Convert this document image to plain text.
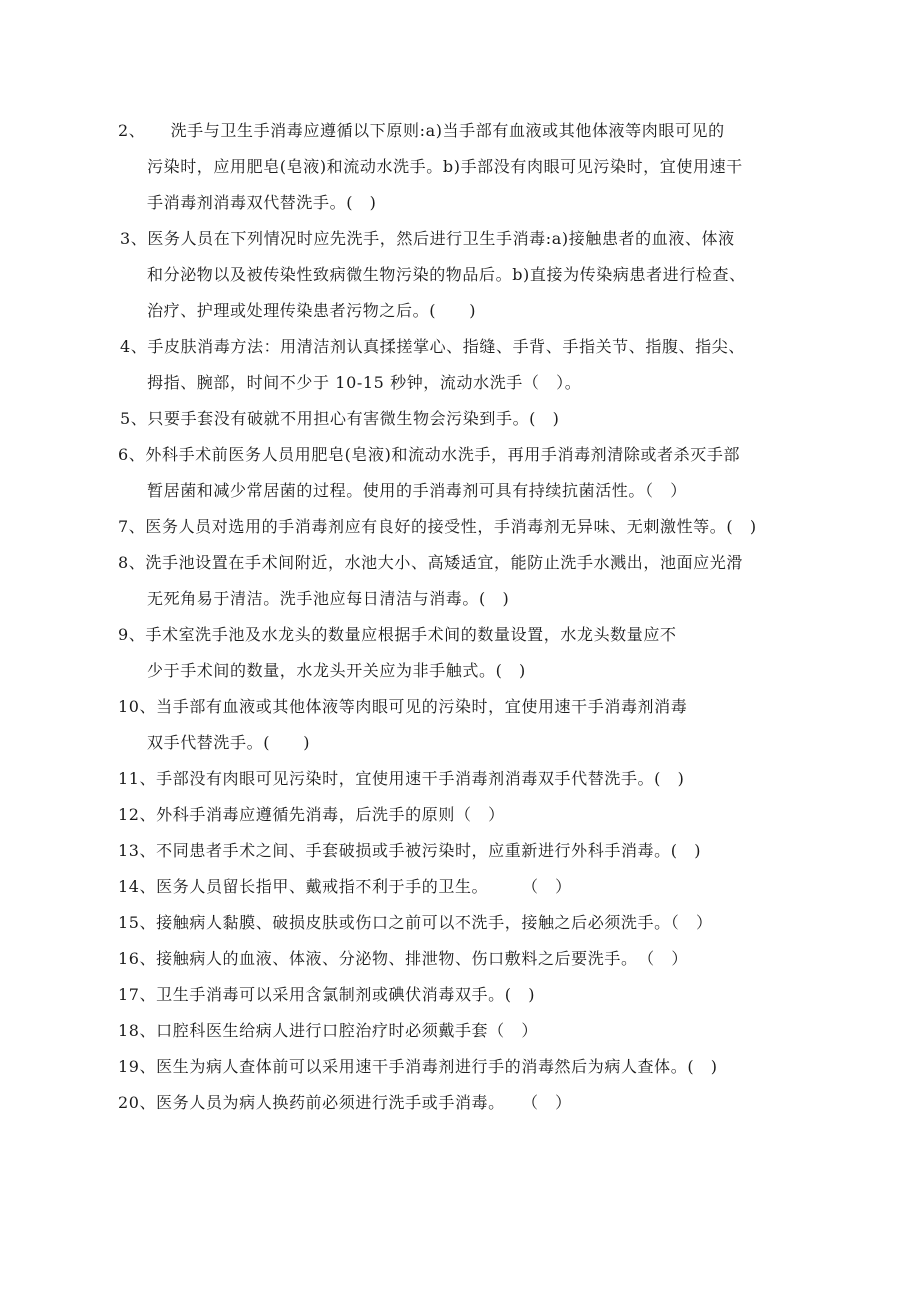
2、　　洗手与卫生手消毒应遵循以下原则:a)当手部有血液或其他体液等肉眼可见的
污染时，应用肥皂(皂液)和流动水洗手。b)手部没有肉眼可见污染时，宜使用速干
手消毒剂消毒双代替洗手。(　)
3、医务人员在下列情况时应先洗手，然后进行卫生手消毒:a)接触患者的血液、体液
和分泌物以及被传染性致病微生物污染的物品后。b)直接为传染病患者进行检查、
治疗、护理或处理传染患者污物之后。(　　)
4、手皮肤消毒方法：用清洁剂认真揉搓掌心、指缝、手背、手指关节、指腹、指尖、
拇指、腕部，时间不少于 10-15 秒钟，流动水洗手（　）。
5、只要手套没有破就不用担心有害微生物会污染到手。(　)
6、外科手术前医务人员用肥皂(皂液)和流动水洗手，再用手消毒剂清除或者杀灭手部
暂居菌和减少常居菌的过程。使用的手消毒剂可具有持续抗菌活性。（　）
7、医务人员对选用的手消毒剂应有良好的接受性，手消毒剂无异味、无刺激性等。(　)
8、洗手池设置在手术间附近，水池大小、高矮适宜，能防止洗手水溅出，池面应光滑
无死角易于清洁。洗手池应每日清洁与消毒。(　)
9、手术室洗手池及水龙头的数量应根据手术间的数量设置，水龙头数量应不
少于手术间的数量，水龙头开关应为非手触式。(　)
10、当手部有血液或其他体液等肉眼可见的污染时，宜使用速干手消毒剂消毒
双手代替洗手。(　　)
11、手部没有肉眼可见污染时，宜使用速干手消毒剂消毒双手代替洗手。(　)
12、外科手消毒应遵循先消毒，后洗手的原则（　）
13、不同患者手术之间、手套破损或手被污染时，应重新进行外科手消毒。(　)
14、医务人员留长指甲、戴戒指不利于手的卫生。　　　（　）
15、接触病人黏膜、破损皮肤或伤口之前可以不洗手，接触之后必须洗手。（　）
16、接触病人的血液、体液、分泌物、排泄物、伤口敷料之后要洗手。　（　）
17、卫生手消毒可以采用含氯制剂或碘伏消毒双手。(　)
18、口腔科医生给病人进行口腔治疗时必须戴手套（　）
19、医生为病人查体前可以采用速干手消毒剂进行手的消毒然后为病人查体。(　)
20、医务人员为病人换药前必须进行洗手或手消毒。　　（　）
